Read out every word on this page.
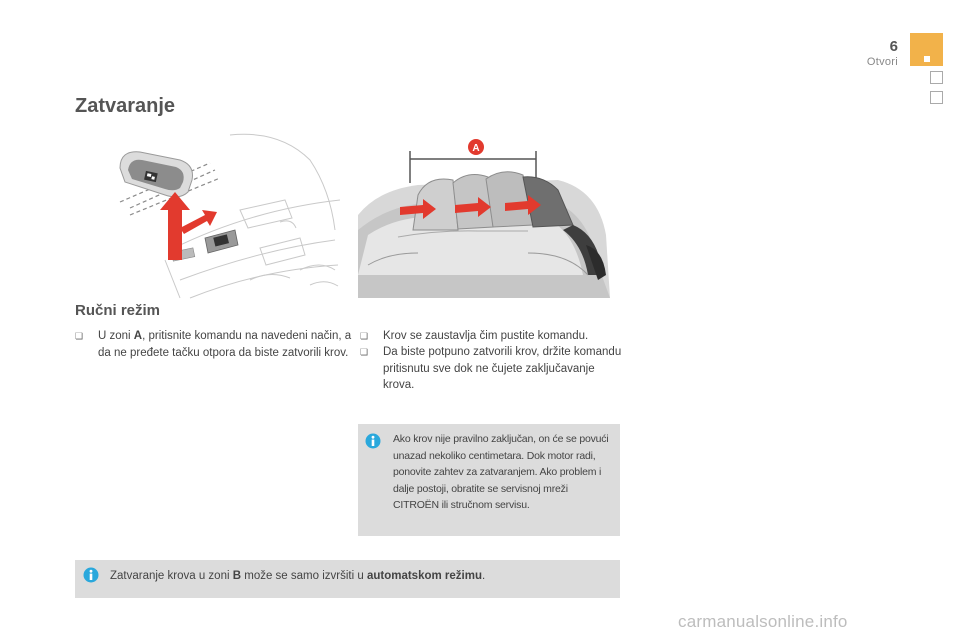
6
Otvori
Zatvaranje
A
Ručni režim
❏ U zoni A, pritisnite komandu na navedeni način, a da ne pređete tačku otpora da biste zatvorili krov.
❏ Krov se zaustavlja čim pustite komandu.
❏ Da biste potpuno zatvorili krov, držite komandu pritisnutu sve dok ne čujete zaključavanje krova.
Ako krov nije pravilno zaključan, on će se povući unazad nekoliko centimetara. Dok motor radi, ponovite zahtev za zatvaranjem. Ako problem i dalje postoji, obratite se servisnoj mreži CITROËN ili stručnom servisu.
Zatvaranje krova u zoni B može se samo izvršiti u automatskom režimu.
carmanualsonline.info
